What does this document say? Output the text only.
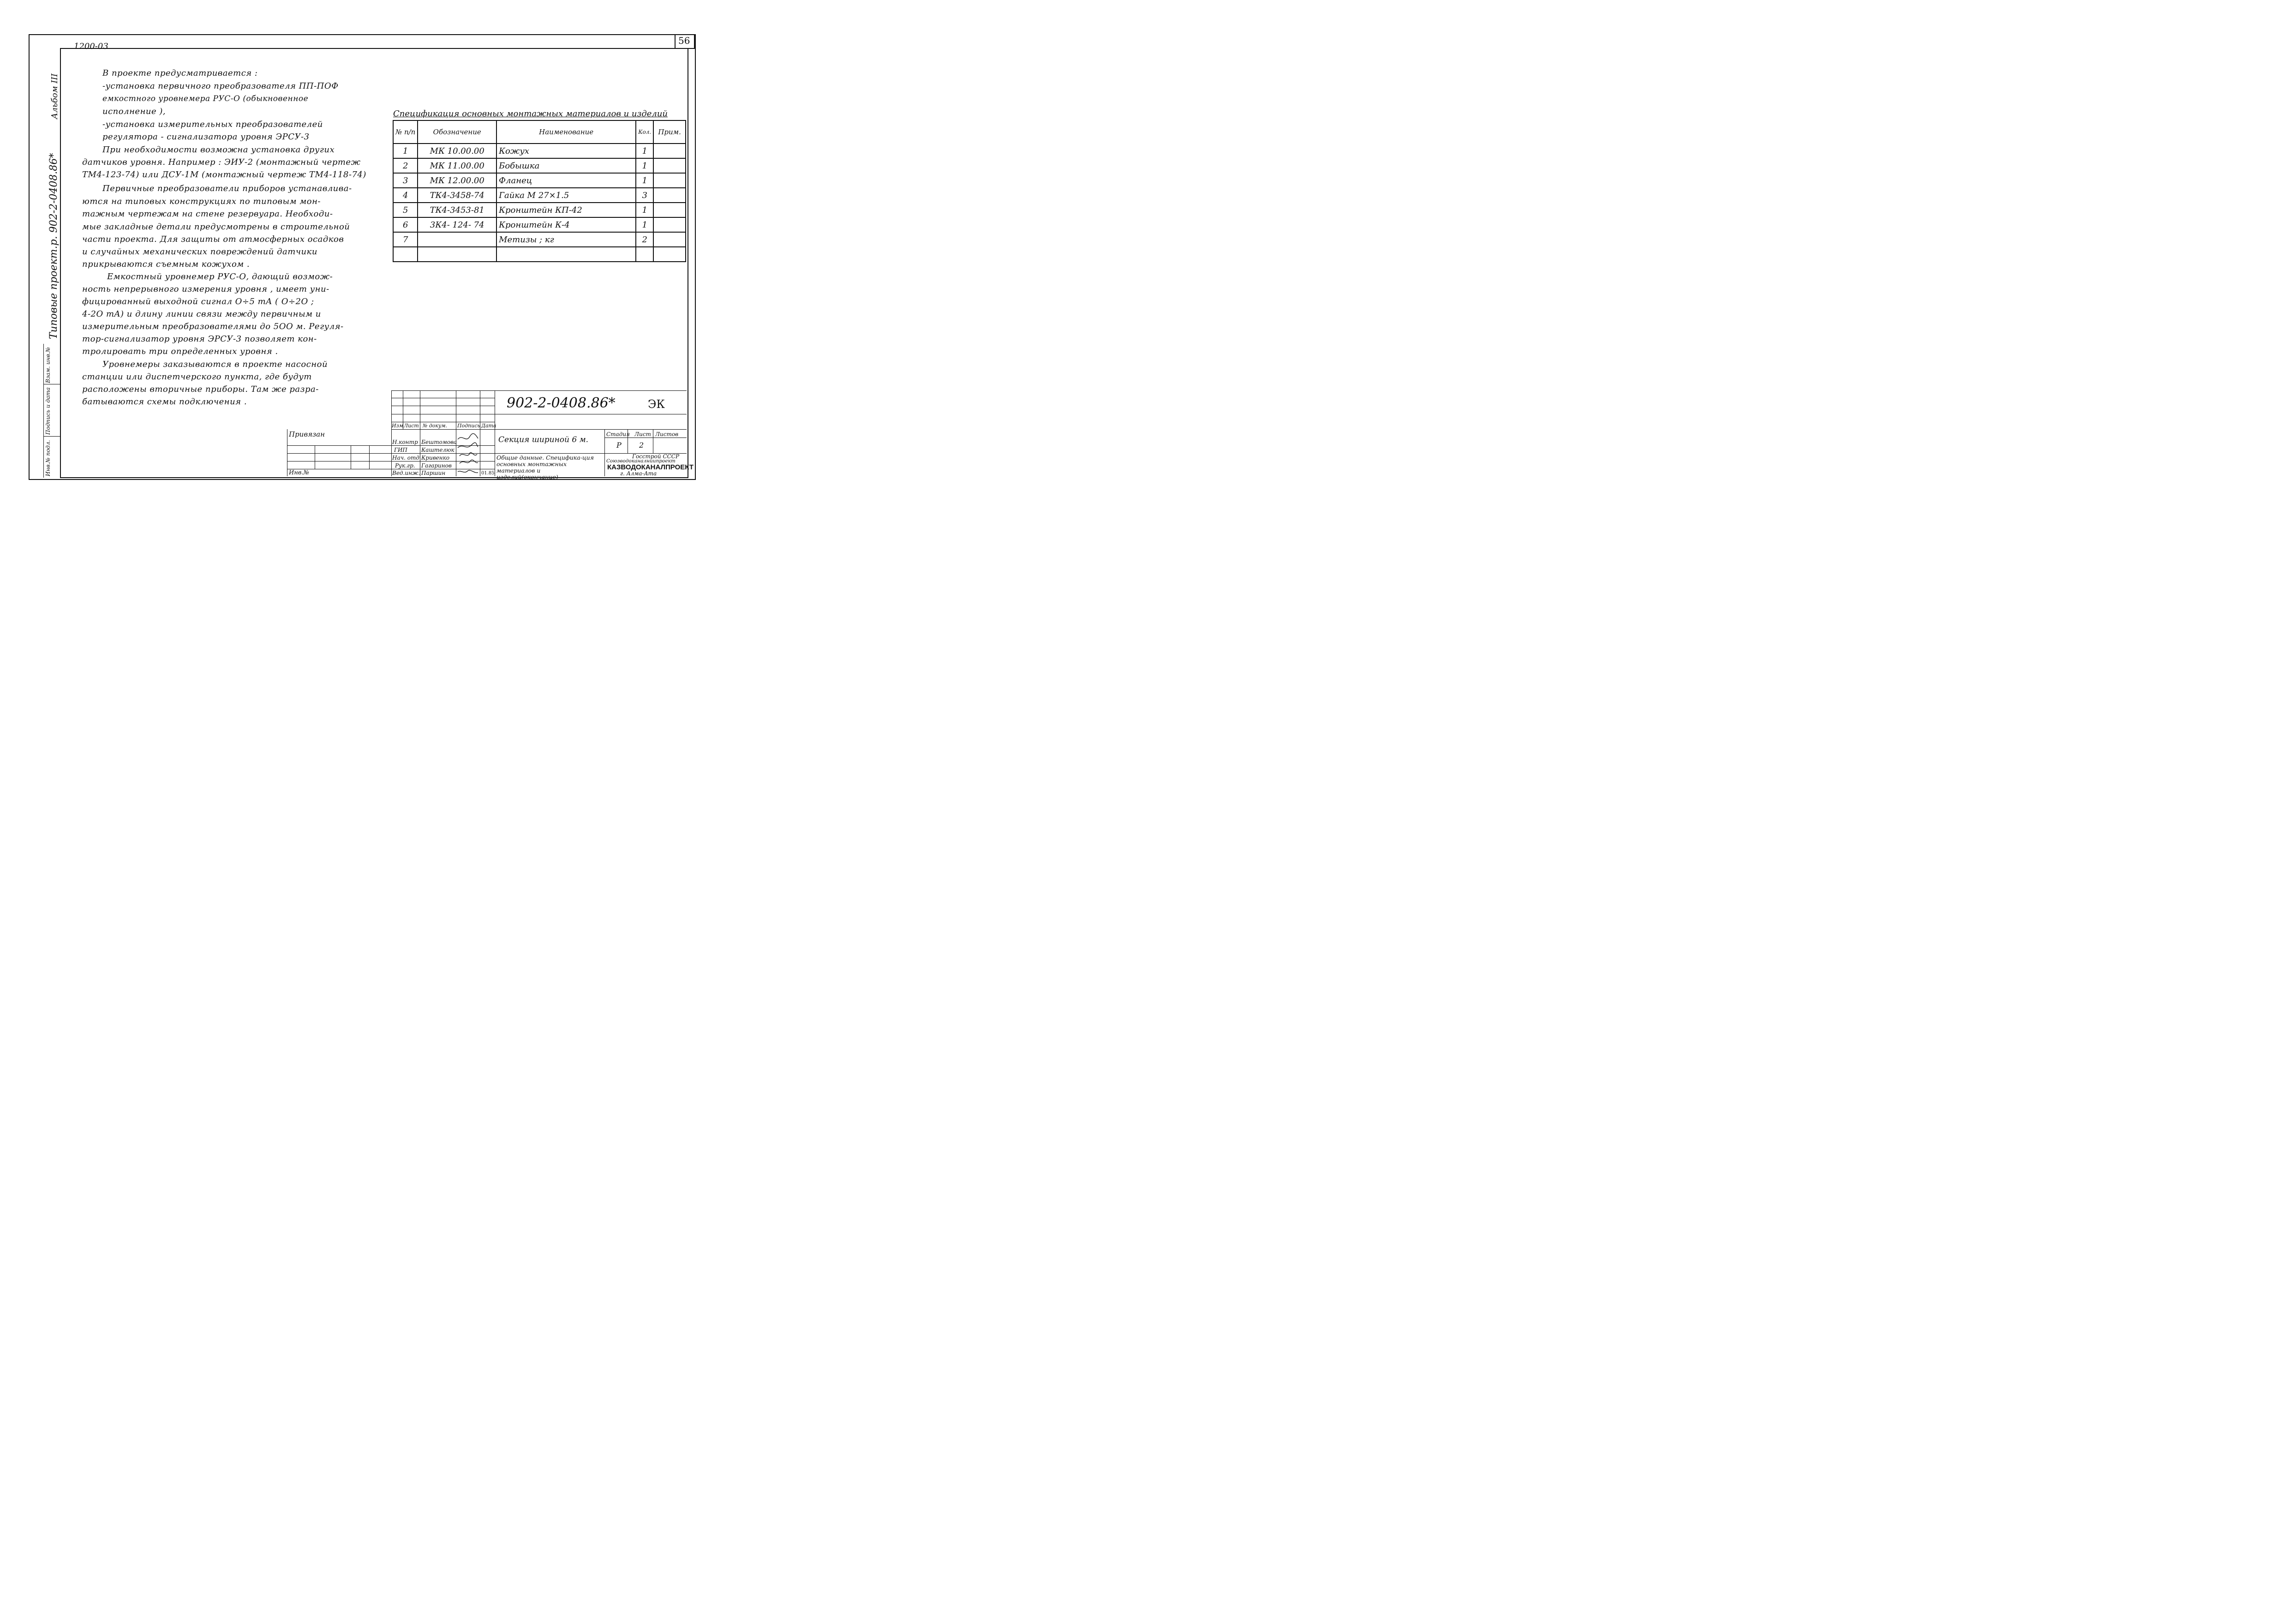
56
1200-03
Альбом III
Типовые проект.р. 902-2-0408.86*
Инв.№ подл.
Подпись и дата
Взам. инв.№
В проекте предусматривается :
-установка первичного преобразователя ПП-ПОФ
емкостного уровнемера РУС-О (обыкновенное
исполнение ),
-установка измерительных преобразователей
регулятора - сигнализатора уровня ЭРСУ-3
При необходимости возможна установка других
датчиков уровня. Например : ЭИУ-2 (монтажный чертеж
ТМ4-123-74) или ДСУ-1М (монтажный чертеж ТМ4-118-74)
Первичные преобразователи приборов устанавлива-
ются на типовых конструкциях по типовым мон-
тажным чертежам на стене резервуара. Необходи-
мые закладные детали предусмотрены в строительной
части проекта. Для защиты от атмосферных осадков
и случайных механических повреждений датчики
прикрываются съемным кожухом .
Емкостный уровнемер РУС-О, дающий возмож-
ность непрерывного измерения уровня , имеет уни-
фицированный выходной сигнал О÷5 mA ( О÷2О ;
4-2О mA) и длину линии связи между первичным и
измерительным преобразователями до 5ОО м. Регуля-
тор-сигнализатор уровня ЭРСУ-3 позволяет кон-
тролировать три определенных уровня .
Уровнемеры заказываются в проекте насосной
станции или диспетчерского пункта, где будут
расположены вторичные приборы. Там же разра-
батываются схемы подключения .
Спецификация основных монтажных материалов и изделий
№ п/п	Обозначение	Наименование	Кол.	Прим.
1	МК 10.00.00	Кожух	1	
2	МК 11.00.00	Бобышка	1	
3	МК 12.00.00	Фланец	1	
4	ТК4-3458-74	Гайка М 27×1.5	3	
5	ТК4-3453-81	Кронштейн КП-42	1	
6	3К4- 124- 74	Кронштейн К-4	1	
7		Метизы ; кг	2	

902-2-0408.86*	ЭК
Изм Лист № докум. Подпись Дата
Привязан
Инв.№
Н.контр Бештомова
ГИП	Каштелюк
Нач. отд Кривенко
Рук.гр. Гагаринов
Вед.инж. Паршин	01.85
Секция шириной 6 м.
Общие данные. Специфика-ция основных монтажных материалов и изделий(окончание)
Стадия Лист Листов
Р 2
Госстрой СССР
Союзводоканалниипроект
КАЗВОДОКАНАЛПРОЕКТ
г. Алма-Ата
